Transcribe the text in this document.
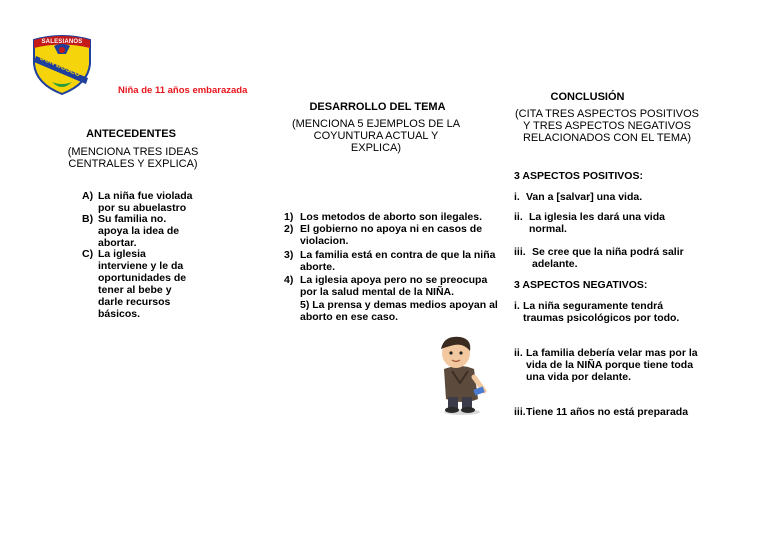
SALESIANOS
DON BOSCO
Niña de 11 años embarazada
ANTECEDENTES
(MENCIONA TRES IDEAS CENTRALES Y EXPLICA)
A) La niña fue violada por su abuelastro
B) Su familia no. apoya la idea de abortar.
C) La iglesia interviene y le da oportunidades de tener al bebe y darle recursos básicos.
DESARROLLO DEL TEMA
(MENCIONA 5 EJEMPLOS DE LA COYUNTURA ACTUAL Y EXPLICA)
1) Los metodos de aborto son ilegales.
2) El gobierno no apoya ni en casos de violacion.
3) La familia está en contra de que la niña aborte.
4) La iglesia apoya pero no se preocupa por la salud mental de la NIÑA.
5) La prensa y demas medios apoyan al aborto en ese caso.
CONCLUSIÓN
(CITA TRES ASPECTOS POSITIVOS Y TRES ASPECTOS NEGATIVOS RELACIONADOS CON EL TEMA)
3 ASPECTOS POSITIVOS:
i. Van a [salvar] una vida.
ii. La iglesia les dará una vida normal.
iii. Se cree que la niña podrá salir adelante.
3 ASPECTOS NEGATIVOS:
i. La niña seguramente tendrá traumas psicológicos por todo.
ii. La familia debería velar mas por la vida de la NIÑA porque tiene toda una vida por delante.
iii. Tiene 11 años no está preparada
